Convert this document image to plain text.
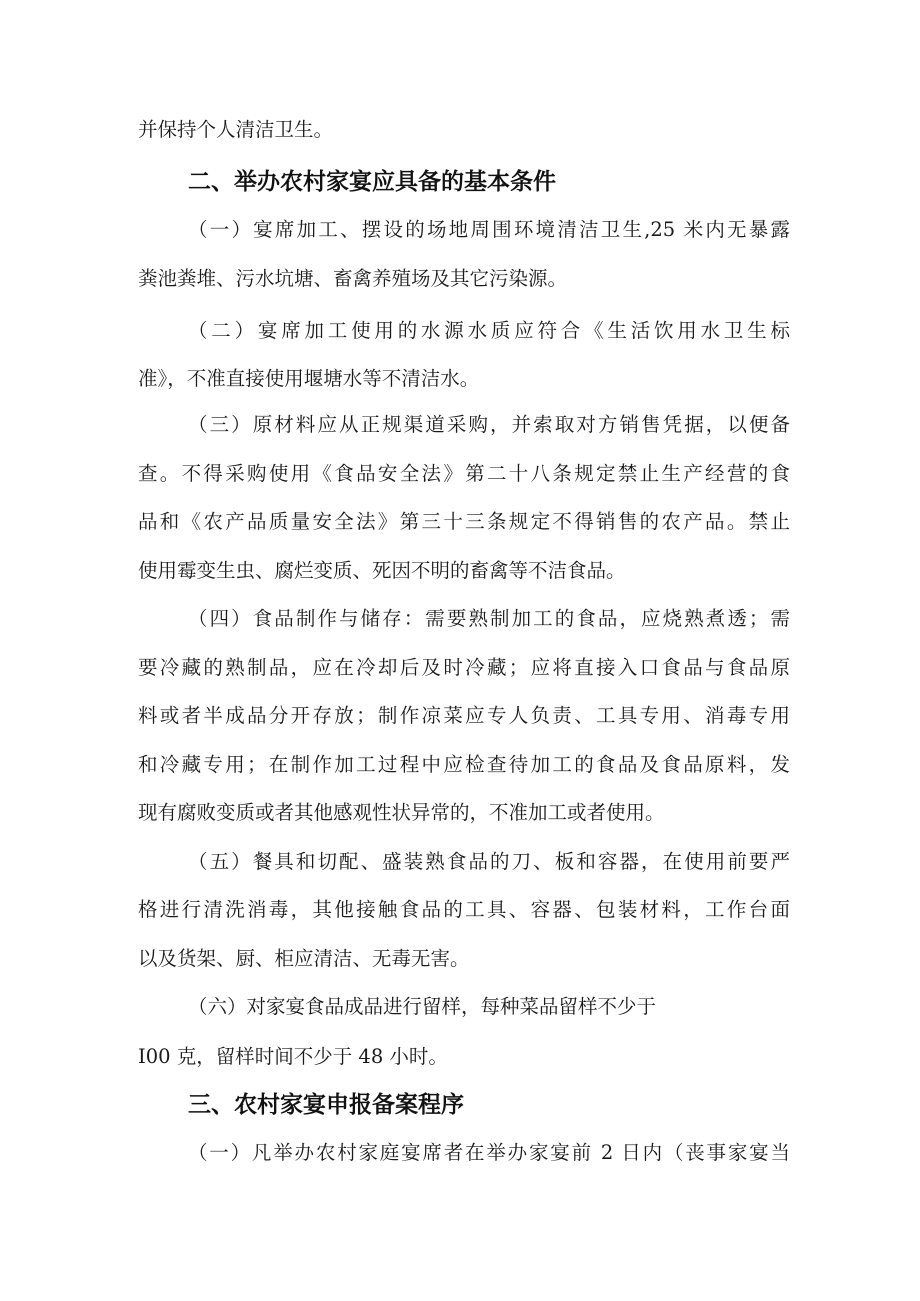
并保持个人清洁卫生。
二、举办农村家宴应具备的基本条件
（一）宴席加工、摆设的场地周围环境清洁卫生,25 米内无暴露
粪池粪堆、污水坑塘、畜禽养殖场及其它污染源。
（二）宴席加工使用的水源水质应符合《生活饮用水卫生标
准》，不准直接使用堰塘水等不清洁水。
（三）原材料应从正规渠道采购，并索取对方销售凭据，以便备
查。不得采购使用《食品安全法》第二十八条规定禁止生产经营的食
品和《农产品质量安全法》第三十三条规定不得销售的农产品。禁止
使用霉变生虫、腐烂变质、死因不明的畜禽等不洁食品。
（四）食品制作与储存：需要熟制加工的食品，应烧熟煮透；需
要冷藏的熟制品，应在冷却后及时冷藏；应将直接入口食品与食品原
料或者半成品分开存放；制作凉菜应专人负责、工具专用、消毒专用
和冷藏专用；在制作加工过程中应检查待加工的食品及食品原料，发
现有腐败变质或者其他感观性状异常的，不准加工或者使用。
（五）餐具和切配、盛装熟食品的刀、板和容器，在使用前要严
格进行清洗消毒，其他接触食品的工具、容器、包装材料，工作台面
以及货架、厨、柜应清洁、无毒无害。
（六）对家宴食品成品进行留样，每种菜品留样不少于
I00 克，留样时间不少于 48 小时。
三、农村家宴申报备案程序
（一）凡举办农村家庭宴席者在举办家宴前 2 日内（丧事家宴当
